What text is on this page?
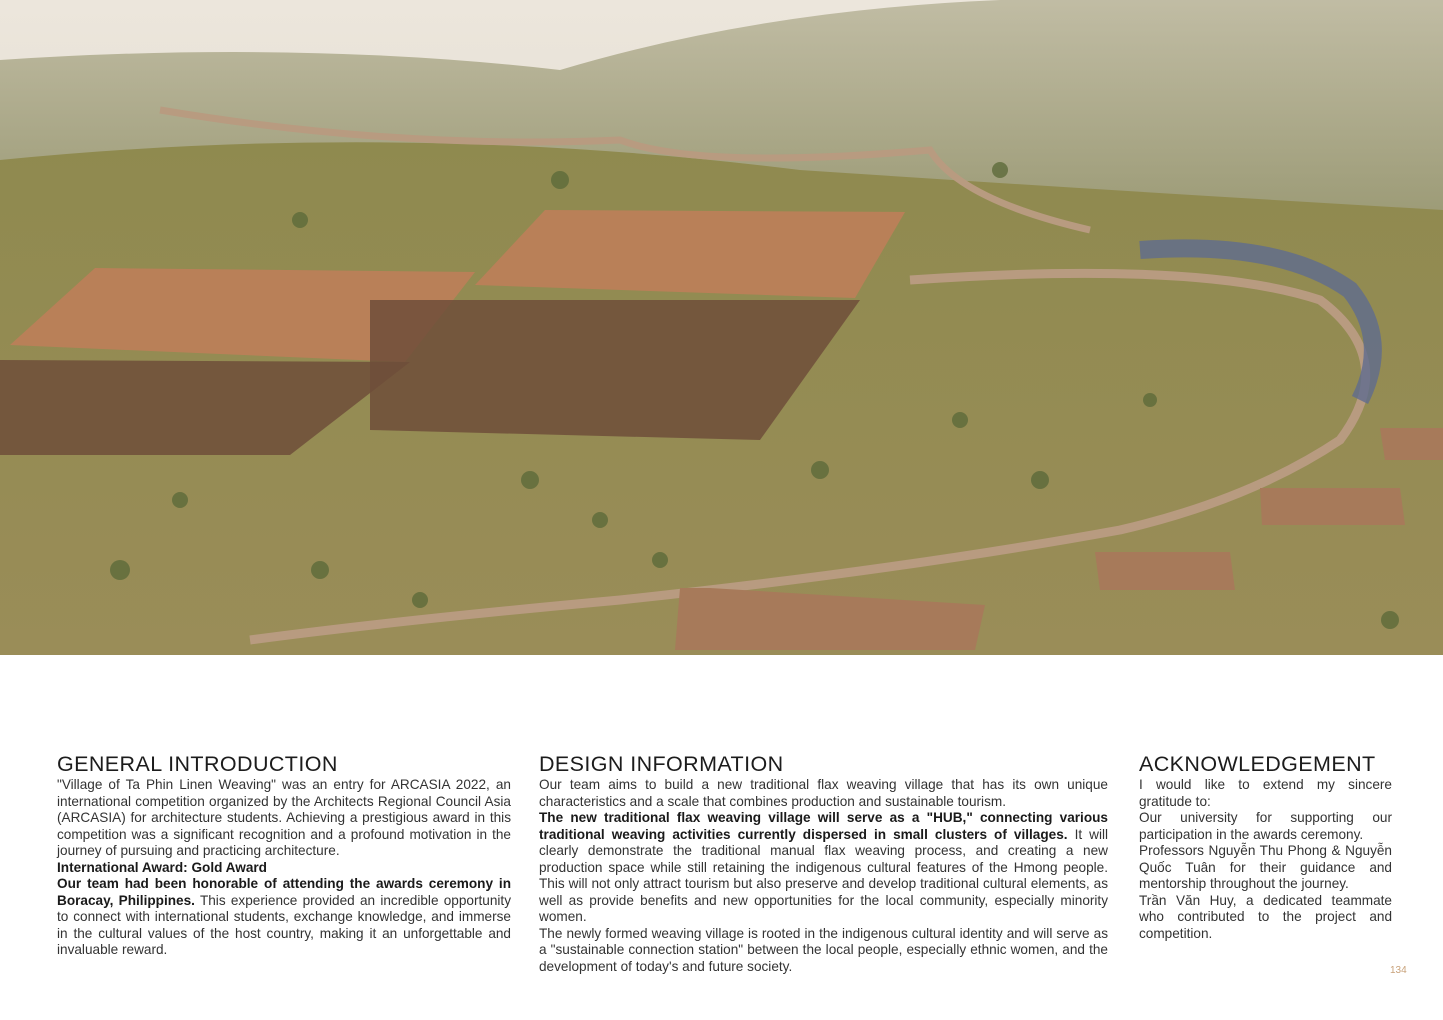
GENERAL INTRODUCTION

"Village of Ta Phin Linen Weaving" was an entry for ARCASIA 2022, an international competition organized by the Architects Regional Council Asia (ARCASIA) for architecture students. Achieving a prestigious award in this competition was a significant recognition and a profound motivation in the journey of pursuing and practicing architecture.

International Award: Gold Award

Our team had been honorable of attending the awards ceremony in Boracay, Philippines. This experience provided an incredible opportunity to connect with international students, exchange knowledge, and immerse in the cultural values of the host country, making it an unforgettable and invaluable reward.

DESIGN INFORMATION

Our team aims to build a new traditional flax weaving village that has its own unique characteristics and a scale that combines production and sustainable tourism.

The new traditional flax weaving village will serve as a "HUB," connecting various traditional weaving activities currently dispersed in small clusters of villages. It will clearly demonstrate the traditional manual flax weaving process, and creating a new production space while still retaining the indigenous cultural features of the Hmong people. This will not only attract tourism but also preserve and develop traditional cultural elements, as well as provide benefits and new opportunities for the local community, especially minority women.

The newly formed weaving village is rooted in the indigenous cultural identity and will serve as a "sustainable connection station" between the local people, especially ethnic women, and the development of today's and future society.

ACKNOWLEDGEMENT

I would like to extend my sincere gratitude to:

Our university for supporting our participation in the awards ceremony.

Professors Nguyễn Thu Phong & Nguyễn Quốc Tuân for their guidance and mentorship throughout the journey.

Trần Văn Huy, a dedicated teammate who contributed to the project and competition.

134
